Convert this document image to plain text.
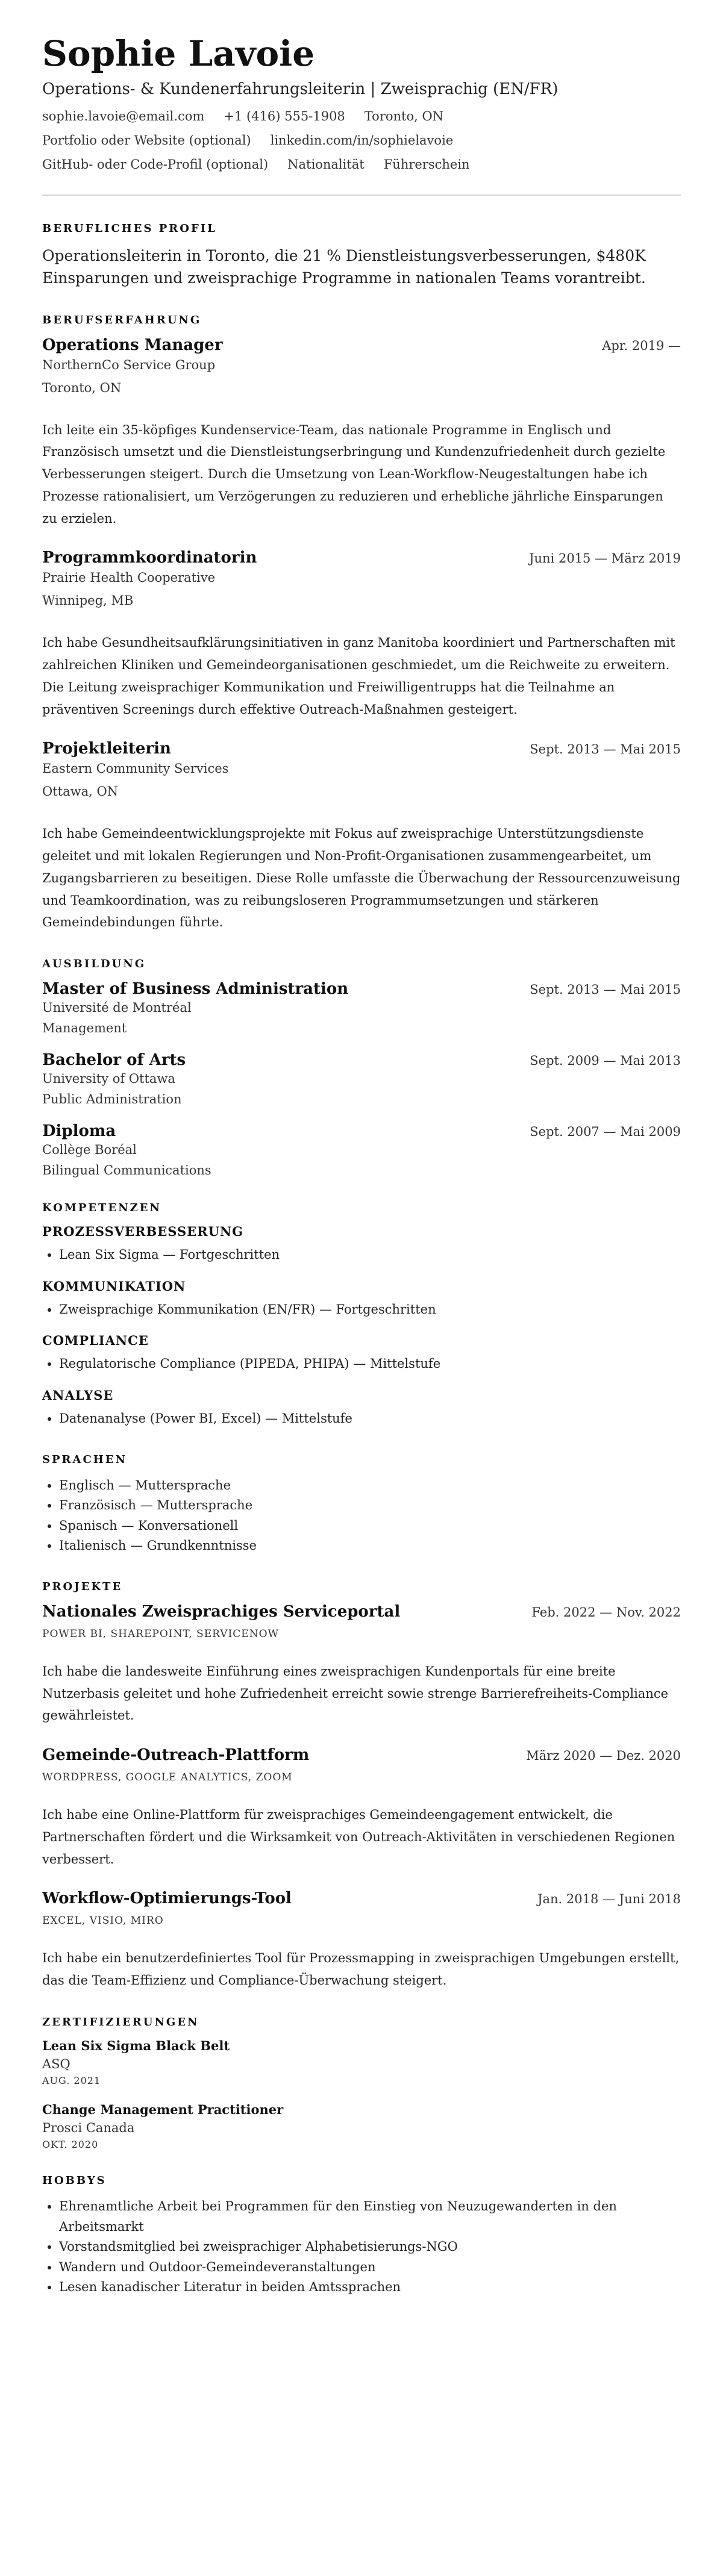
Sophie Lavoie
Operations- & Kundenerfahrungsleiterin | Zweisprachig (EN/FR)
sophie.lavoie@email.com +1 (416) 555-1908 Toronto, ON
Portfolio oder Website (optional) linkedin.com/in/sophielavoie
GitHub- oder Code-Profil (optional) Nationalität Führerschein
BERUFLICHES PROFIL

Operationsleiterin in Toronto, die 21 % Dienstleistungsverbesserungen, $480K Einsparungen und zweisprachige Programme in nationalen Teams vorantreibt.

BERUFSERFAHRUNG
Operations Manager	Apr. 2019 —
NorthernCo Service Group
Toronto, ON

Ich leite ein 35-köpfiges Kundenservice-Team, das nationale Programme in Englisch und Französisch umsetzt und die Dienstleistungserbringung und Kundenzufriedenheit durch gezielte Verbesserungen steigert. Durch die Umsetzung von Lean-Workflow-Neugestaltungen habe ich Prozesse rationalisiert, um Verzögerungen zu reduzieren und erhebliche jährliche Einsparungen zu erzielen.

Programmkoordinatorin	Juni 2015 — März 2019
Prairie Health Cooperative
Winnipeg, MB

Ich habe Gesundheitsaufklärungsinitiativen in ganz Manitoba koordiniert und Partnerschaften mit zahlreichen Kliniken und Gemeindeorganisationen geschmiedet, um die Reichweite zu erweitern. Die Leitung zweisprachiger Kommunikation und Freiwilligentrupps hat die Teilnahme an präventiven Screenings durch effektive Outreach-Maßnahmen gesteigert.

Projektleiterin	Sept. 2013 — Mai 2015
Eastern Community Services
Ottawa, ON

Ich habe Gemeindeentwicklungsprojekte mit Fokus auf zweisprachige Unterstützungsdienste geleitet und mit lokalen Regierungen und Non-Profit-Organisationen zusammengearbeitet, um Zugangsbarrieren zu beseitigen. Diese Rolle umfasste die Überwachung der Ressourcenzuweisung und Teamkoordination, was zu reibungsloseren Programmumsetzungen und stärkeren Gemeindebindungen führte.

AUSBILDUNG
Master of Business Administration	Sept. 2013 — Mai 2015
Université de Montréal
Management
Bachelor of Arts	Sept. 2009 — Mai 2013
University of Ottawa
Public Administration
Diploma	Sept. 2007 — Mai 2009
Collège Boréal
Bilingual Communications
KOMPETENZEN
PROZESSVERBESSERUNG
• Lean Six Sigma — Fortgeschritten
KOMMUNIKATION
• Zweisprachige Kommunikation (EN/FR) — Fortgeschritten
COMPLIANCE
• Regulatorische Compliance (PIPEDA, PHIPA) — Mittelstufe
ANALYSE
• Datenanalyse (Power BI, Excel) — Mittelstufe
SPRACHEN
• Englisch — Muttersprache
• Französisch — Muttersprache
• Spanisch — Konversationell
• Italienisch — Grundkenntnisse
PROJEKTE
Nationales Zweisprachiges Serviceportal	Feb. 2022 — Nov. 2022
POWER BI, SHAREPOINT, SERVICENOW

Ich habe die landesweite Einführung eines zweisprachigen Kundenportals für eine breite Nutzerbasis geleitet und hohe Zufriedenheit erreicht sowie strenge Barrierefreiheits-Compliance gewährleistet.

Gemeinde-Outreach-Plattform	März 2020 — Dez. 2020
WORDPRESS, GOOGLE ANALYTICS, ZOOM

Ich habe eine Online-Plattform für zweisprachiges Gemeindeengagement entwickelt, die Partnerschaften fördert und die Wirksamkeit von Outreach-Aktivitäten in verschiedenen Regionen verbessert.

Workflow-Optimierungs-Tool	Jan. 2018 — Juni 2018
EXCEL, VISIO, MIRO

Ich habe ein benutzerdefiniertes Tool für Prozessmapping in zweisprachigen Umgebungen erstellt, das die Team-Effizienz und Compliance-Überwachung steigert.

ZERTIFIZIERUNGEN
Lean Six Sigma Black Belt
ASQ
AUG. 2021
Change Management Practitioner
Prosci Canada
OKT. 2020
HOBBYS
• Ehrenamtliche Arbeit bei Programmen für den Einstieg von Neuzugewanderten in den Arbeitsmarkt
• Vorstandsmitglied bei zweisprachiger Alphabetisierungs-NGO
• Wandern und Outdoor-Gemeindeveranstaltungen
• Lesen kanadischer Literatur in beiden Amtssprachen
